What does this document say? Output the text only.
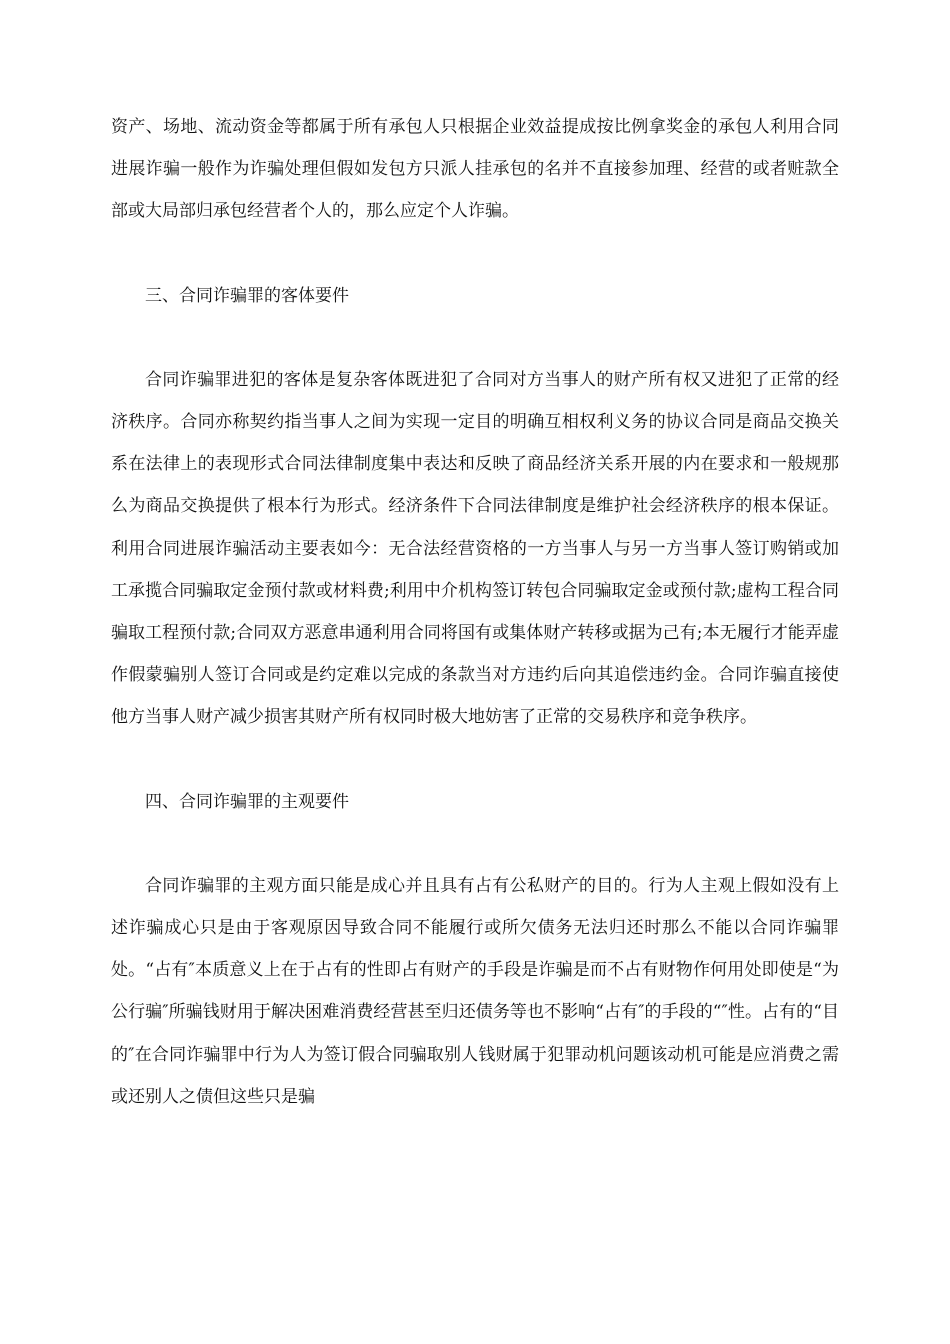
资产、场地、流动资金等都属于所有承包人只根据企业效益提成按比例拿奖金的承包人利用合同进展诈骗一般作为诈骗处理但假如发包方只派人挂承包的名并不直接参加理、经营的或者赃款全部或大局部归承包经营者个人的，那么应定个人诈骗。

三、合同诈骗罪的客体要件

合同诈骗罪进犯的客体是复杂客体既进犯了合同对方当事人的财产所有权又进犯了正常的经济秩序。合同亦称契约指当事人之间为实现一定目的明确互相权利义务的协议合同是商品交换关系在法律上的表现形式合同法律制度集中表达和反映了商品经济关系开展的内在要求和一般规那么为商品交换提供了根本行为形式。经济条件下合同法律制度是维护社会经济秩序的根本保证。利用合同进展诈骗活动主要表如今：无合法经营资格的一方当事人与另一方当事人签订购销或加工承揽合同骗取定金预付款或材料费;利用中介机构签订转包合同骗取定金或预付款;虚构工程合同骗取工程预付款;合同双方恶意串通利用合同将国有或集体财产转移或据为己有;本无履行才能弄虚作假蒙骗别人签订合同或是约定难以完成的条款当对方违约后向其追偿违约金。合同诈骗直接使他方当事人财产减少损害其财产所有权同时极大地妨害了正常的交易秩序和竞争秩序。

四、合同诈骗罪的主观要件

合同诈骗罪的主观方面只能是成心并且具有占有公私财产的目的。行为人主观上假如没有上述诈骗成心只是由于客观原因导致合同不能履行或所欠债务无法归还时那么不能以合同诈骗罪处。“占有″本质意义上在于占有的性即占有财产的手段是诈骗是而不占有财物作何用处即使是“为公行骗″所骗钱财用于解决困难消费经营甚至归还债务等也不影响“占有″的手段的“″性。占有的“目的″在合同诈骗罪中行为人为签订假合同骗取别人钱财属于犯罪动机问题该动机可能是应消费之需或还别人之债但这些只是骗
